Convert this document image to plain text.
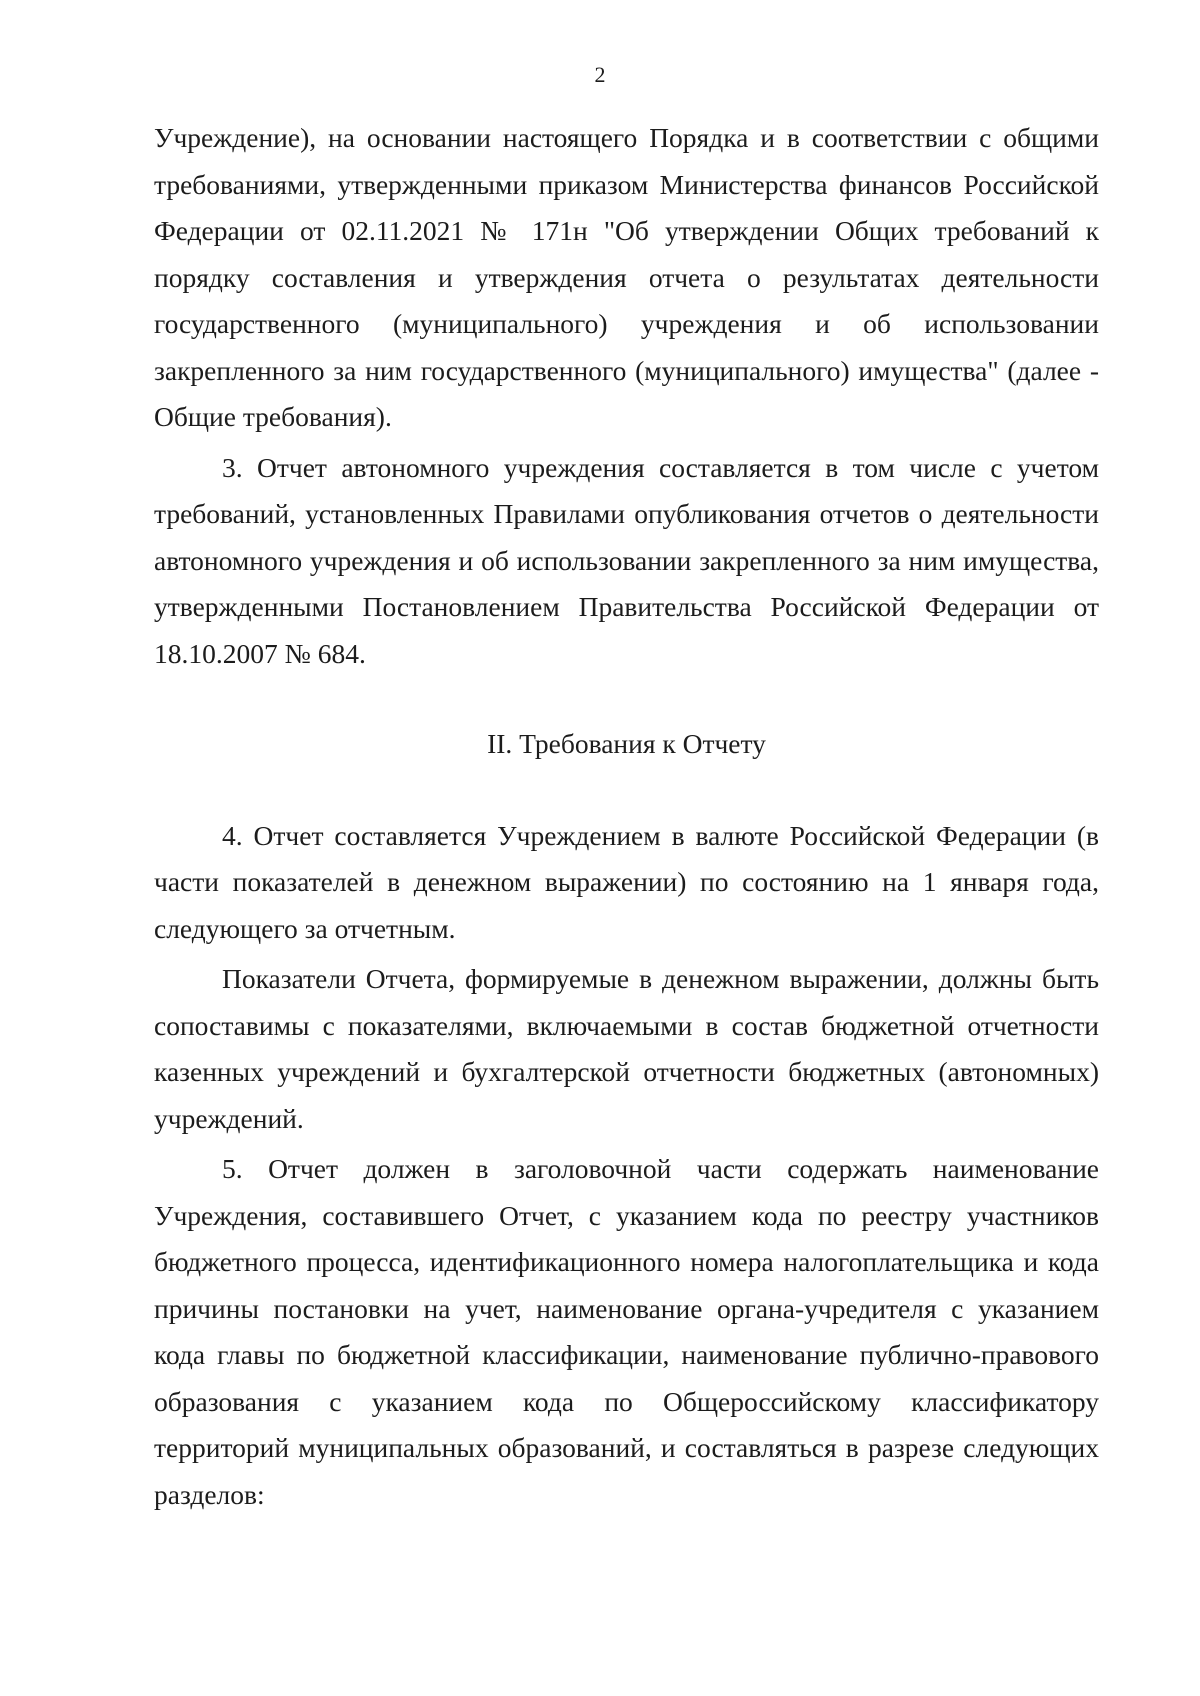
2

Учреждение), на основании настоящего Порядка и в соответствии с общими требованиями, утвержденными приказом Министерства финансов Российской Федерации от 02.11.2021 № 171н "Об утверждении Общих требований к порядку составления и утверждения отчета о результатах деятельности государственного (муниципального) учреждения и об использовании закрепленного за ним государственного (муниципального) имущества" (далее - Общие требования).

3. Отчет автономного учреждения составляется в том числе с учетом требований, установленных Правилами опубликования отчетов о деятельности автономного учреждения и об использовании закрепленного за ним имущества, утвержденными Постановлением Правительства Российской Федерации от 18.10.2007 № 684.

II. Требования к Отчету

4. Отчет составляется Учреждением в валюте Российской Федерации (в части показателей в денежном выражении) по состоянию на 1 января года, следующего за отчетным.

Показатели Отчета, формируемые в денежном выражении, должны быть сопоставимы с показателями, включаемыми в состав бюджетной отчетности казенных учреждений и бухгалтерской отчетности бюджетных (автономных) учреждений.

5. Отчет должен в заголовочной части содержать наименование Учреждения, составившего Отчет, с указанием кода по реестру участников бюджетного процесса, идентификационного номера налогоплательщика и кода причины постановки на учет, наименование органа-учредителя с указанием кода главы по бюджетной классификации, наименование публично-правового образования с указанием кода по Общероссийскому классификатору территорий муниципальных образований, и составляться в разрезе следующих разделов:
